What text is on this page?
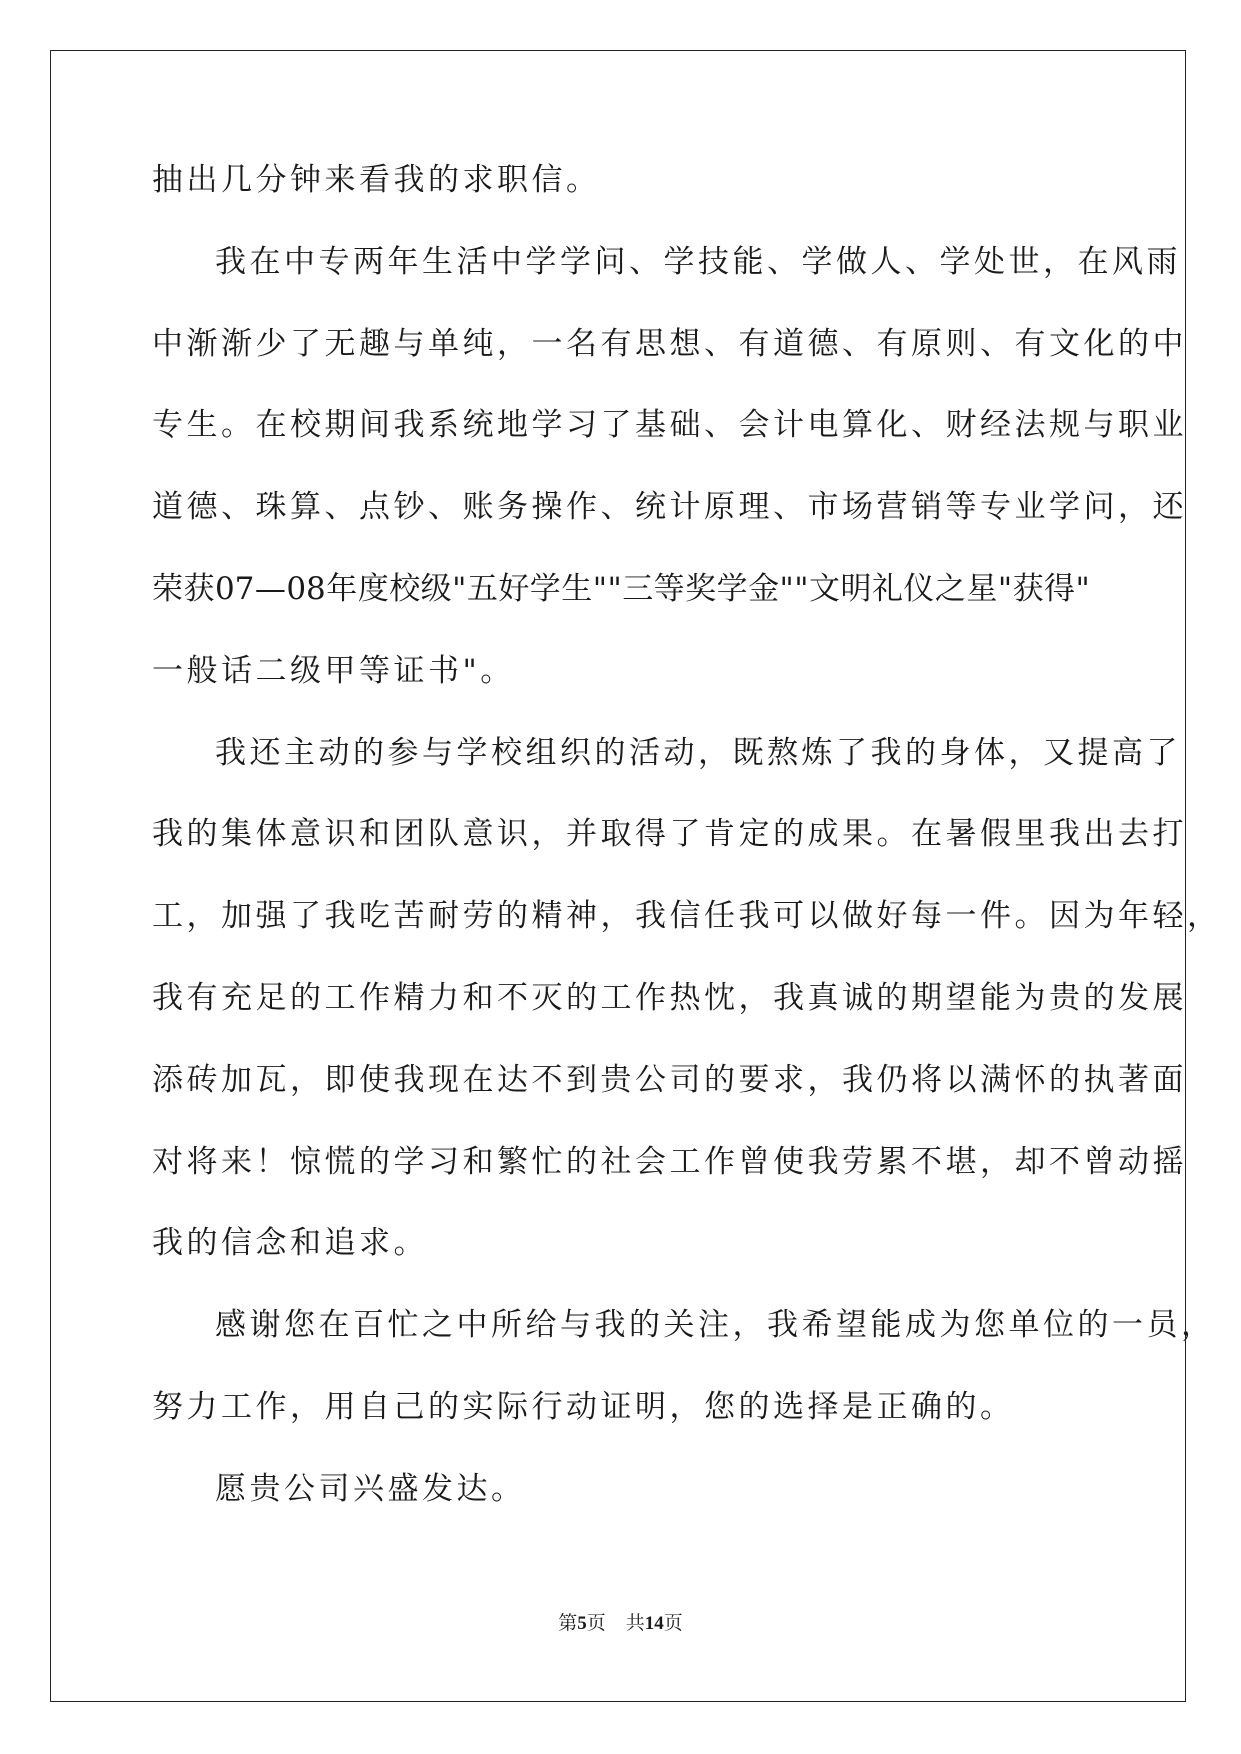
抽出几分钟来看我的求职信。
我在中专两年生活中学学问、学技能、学做人、学处世，在风雨
中渐渐少了无趣与单纯，一名有思想、有道德、有原则、有文化的中
专生。在校期间我系统地学习了基础、会计电算化、财经法规与职业
道德、珠算、点钞、账务操作、统计原理、市场营销等专业学问，还
荣 获 07 — 08 年 度 校 级 " 五 好 学 生 " " 三 等 奖 学 金 " " 文 明 礼 仪 之 星 " 获 得 "
一般话二级甲等证书"。
我还主动的参与学校组织的活动，既熬炼了我的身体，又提高了
我的集体意识和团队意识，并取得了肯定的成果。在暑假里我出去打
工，加强了我吃苦耐劳的精神，我信任我可以做好每一件。因为年轻，
我有充足的工作精力和不灭的工作热忱，我真诚的期望能为贵的发展
添砖加瓦，即使我现在达不到贵公司的要求，我仍将以满怀的执著面
对将来！惊慌的学习和繁忙的社会工作曾使我劳累不堪，却不曾动摇
我的信念和追求。
感谢您在百忙之中所给与我的关注，我希望能成为您单位的一员，
努力工作，用自己的实际行动证明，您的选择是正确的。
愿贵公司兴盛发达。
第5页 共14页
